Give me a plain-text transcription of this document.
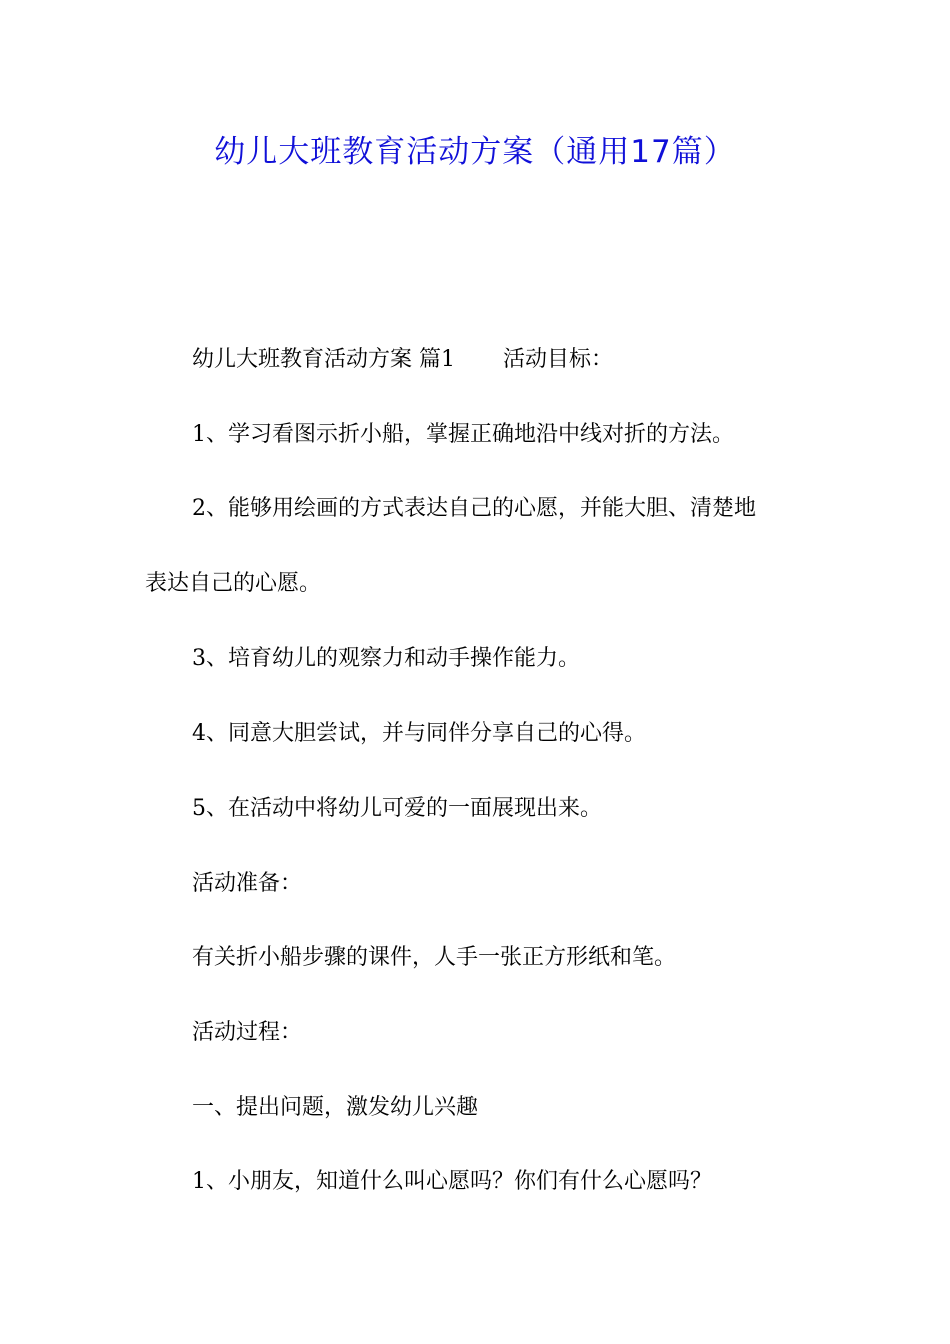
幼儿大班教育活动方案（通用17篇）

幼儿大班教育活动方案 篇1 活动目标：

1、学习看图示折小船，掌握正确地沿中线对折的方法。

2、能够用绘画的方式表达自己的心愿，并能大胆、清楚地

表达自己的心愿。

3、培育幼儿的观察力和动手操作能力。

4、同意大胆尝试，并与同伴分享自己的心得。

5、在活动中将幼儿可爱的一面展现出来。

活动准备：

有关折小船步骤的课件，人手一张正方形纸和笔。

活动过程：

一、提出问题，激发幼儿兴趣

1、小朋友，知道什么叫心愿吗？你们有什么心愿吗？
